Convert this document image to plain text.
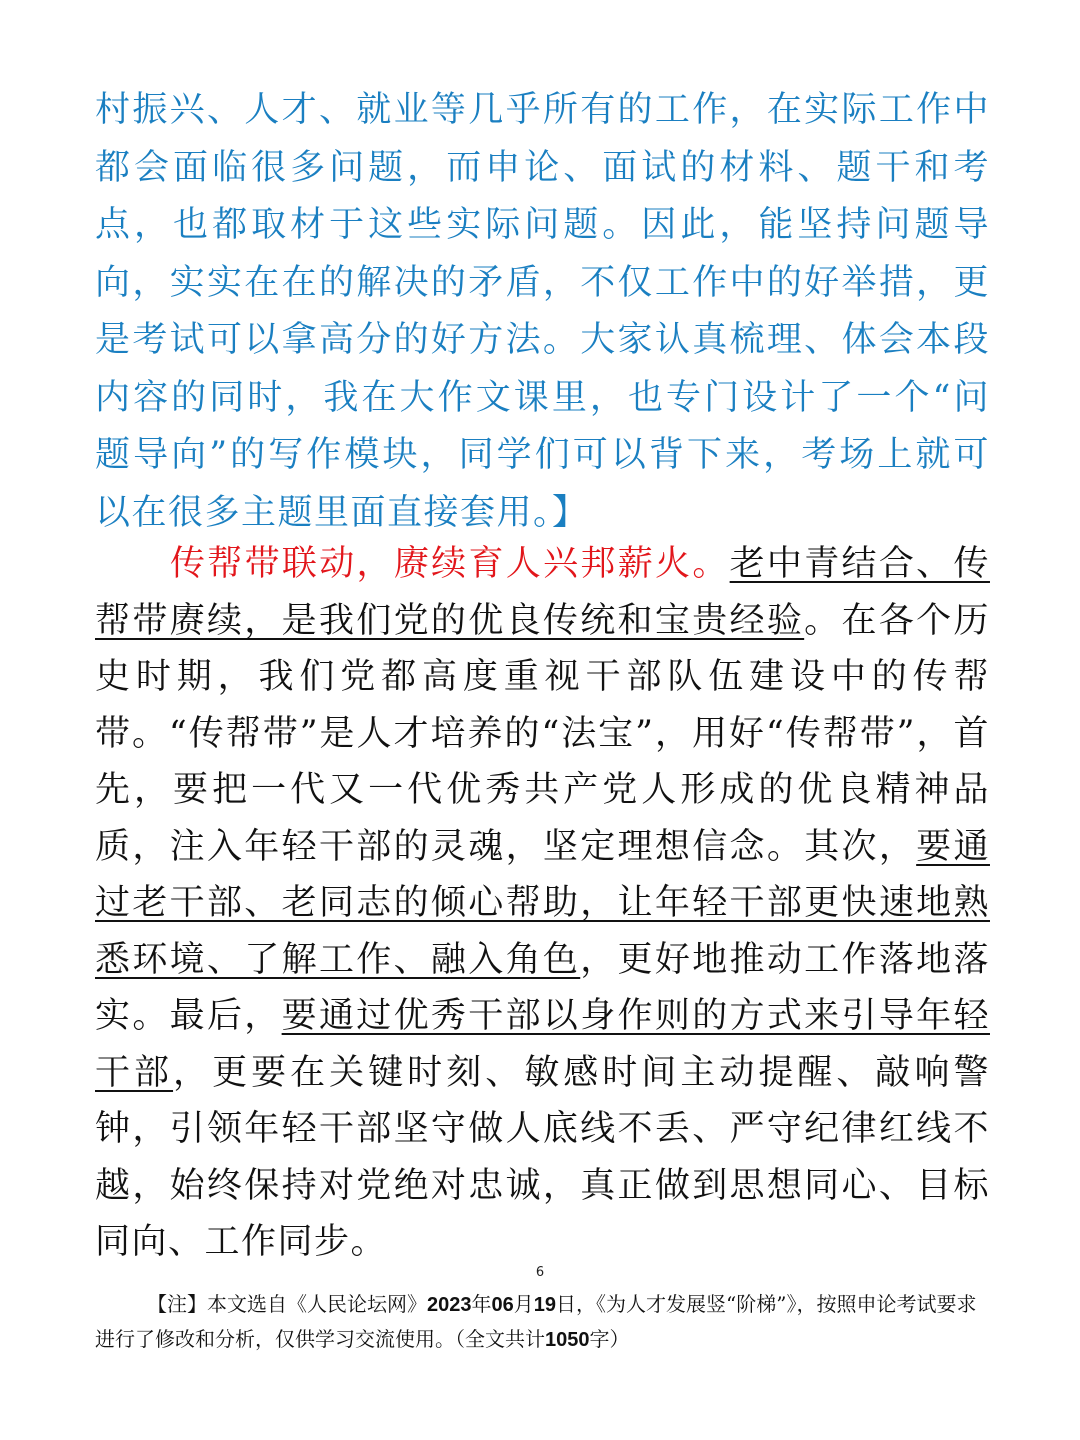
村振兴、人才、就业等几乎所有的工作，在实际工作中都会面临很多问题，而申论、面试的材料、题干和考点，也都取材于这些实际问题。因此，能坚持问题导向，实实在在的解决的矛盾，不仅工作中的好举措，更是考试可以拿高分的好方法。大家认真梳理、体会本段内容的同时，我在大作文课里，也专门设计了一个“问题导向”的写作模块，同学们可以背下来，考场上就可以在很多主题里面直接套用。】
传帮带联动，赓续育人兴邦薪火。老中青结合、传帮带赓续，是我们党的优良传统和宝贵经验。在各个历史时期，我们党都高度重视干部队伍建设中的传帮带。“传帮带”是人才培养的“法宝”，用好“传帮带”，首先，要把一代又一代优秀共产党人形成的优良精神品质，注入年轻干部的灵魂，坚定理想信念。其次，要通过老干部、老同志的倾心帮助，让年轻干部更快速地熟悉环境、了解工作、融入角色，更好地推动工作落地落实。最后，要通过优秀干部以身作则的方式来引导年轻干部，更要在关键时刻、敏感时间主动提醒、敲响警钟，引领年轻干部坚守做人底线不丢、严守纪律红线不越，始终保持对党绝对忠诚，真正做到思想同心、目标同向、工作同步。
6
【注】本文选自《人民论坛网》2023年06月19日，《为人才发展竖“阶梯”》，按照申论考试要求进行了修改和分析，仅供学习交流使用。（全文共计1050字）
